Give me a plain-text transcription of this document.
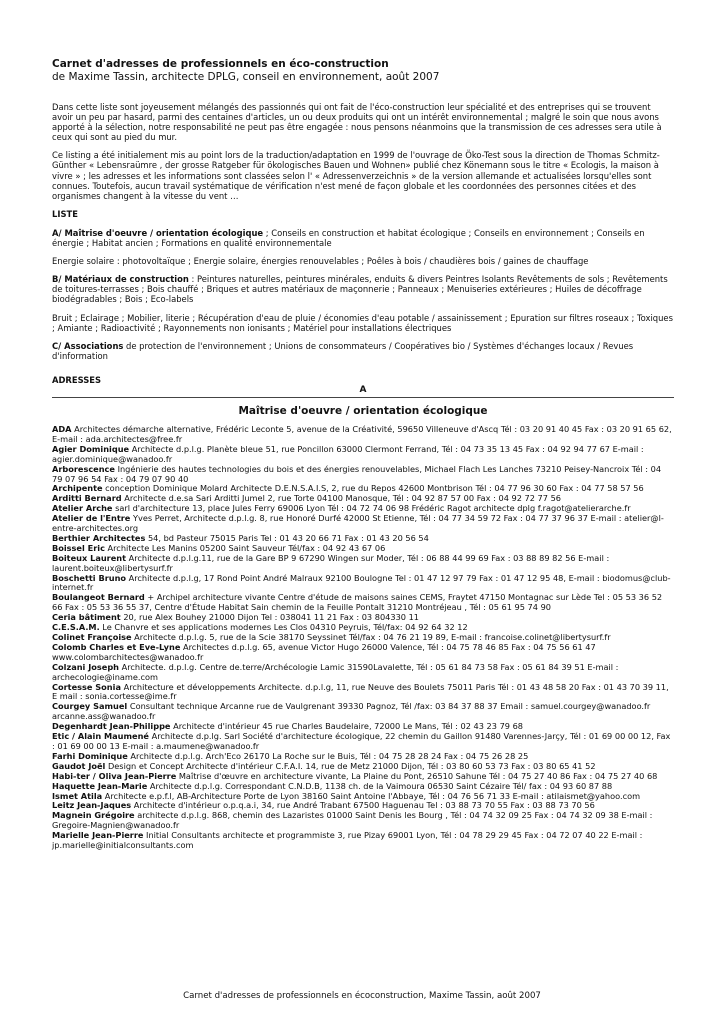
Carnet d'adresses de professionnels en éco-construction
de Maxime Tassin, architecte DPLG, conseil en environnement, août 2007

Dans cette liste sont joyeusement mélangés des passionnés qui ont fait de l'éco-construction leur spécialité et des entreprises qui se trouvent avoir un peu par hasard, parmi des centaines d'articles, un ou deux produits qui ont un intérêt environnemental ; malgré le soin que nous avons apporté à la sélection, notre responsabilité ne peut pas être engagée : nous pensons néanmoins que la transmission de ces adresses sera utile à ceux qui sont au pied du mur.

Ce listing a été initialement mis au point lors de la traduction/adaptation en 1999 de l'ouvrage de Öko-Test sous la direction de Thomas Schmitz-Günther « Lebensraümre , der grosse Ratgeber für ökologisches Bauen und Wohnen» publié chez Könemann sous le titre « Ecologis, la maison à vivre » ; les adresses et les informations sont classées selon l' « Adressenverzeichnis » de la version allemande et actualisées lorsqu'elles sont connues. Toutefois, aucun travail systématique de vérification n'est mené de façon globale et les coordonnées des personnes citées et des organismes changent à la vitesse du vent …

LISTE

A/ Maîtrise d'oeuvre / orientation écologique ; Conseils en construction et habitat écologique ; Conseils en environnement ; Conseils en énergie ; Habitat ancien ; Formations en qualité environnementale

Energie solaire : photovoltaïque ; Energie solaire, énergies renouvelables ; Poêles à bois / chaudières bois / gaines de chauffage

B/ Matériaux de construction : Peintures naturelles, peintures minérales, enduits & divers Peintres Isolants Revêtements de sols ; Revêtements de toitures-terrasses ; Bois chauffé ; Briques et autres matériaux de maçonnerie ; Panneaux ; Menuiseries extérieures ; Huiles de décoffrage biodégradables ; Bois ; Eco-labels

Bruit ; Eclairage ; Mobilier, literie ; Récupération d'eau de pluie / économies d'eau potable / assainissement ; Epuration sur filtres roseaux ; Toxiques ; Amiante ; Radioactivité ; Rayonnements non ionisants ; Matériel pour installations électriques

C/ Associations de protection de l'environnement ; Unions de consommateurs / Coopératives bio / Systèmes d'échanges locaux / Revues d'information

ADRESSES
A
Maîtrise d'oeuvre / orientation écologique

ADA Architectes démarche alternative, Frédéric Leconte 5, avenue de la Créativité, 59650 Villeneuve d'Ascq Tél : 03 20 91 40 45 Fax : 03 20 91 65 62, E-mail : ada.architectes@free.fr

Agier Dominique Architecte d.p.l.g. Planète bleue 51, rue Poncillon 63000 Clermont Ferrand, Tél : 04 73 35 13 45 Fax : 04 92 94 77 67 E-mail : agier.dominique@wanadoo.fr

Arborescence Ingénierie des hautes technologies du bois et des énergies renouvelables, Michael Flach Les Lanches 73210 Peisey-Nancroix Tél : 04 79 07 96 54 Fax : 04 79 07 90 40

Archipente conception Dominique Molard Architecte D.E.N.S.A.I.S, 2, rue du Repos 42600 Montbrison Tél : 04 77 96 30 60 Fax : 04 77 58 57 56

Arditti Bernard Architecte d.e.sa Sari Arditti Jumel 2, rue Torte 04100 Manosque, Tél : 04 92 87 57 00 Fax : 04 92 72 77 56

Atelier Arche sarl d'architecture 13, place Jules Ferry 69006 Lyon Tél : 04 72 74 06 98 Frédéric Ragot architecte dplg f.ragot@atelierarche.fr

Atelier de l'Entre Yves Perret, Architecte d.p.l.g. 8, rue Honoré Durfé 42000 St Etienne, Tél : 04 77 34 59 72 Fax : 04 77 37 96 37 E-mail : atelier@l-entre-architectes.org

Berthier Architectes 54, bd Pasteur 75015 Paris Tel : 01 43 20 66 71 Fax : 01 43 20 56 54

Boissel Eric Architecte Les Manins 05200 Saint Sauveur Tél/fax : 04 92 43 67 06

Boiteux Laurent Architecte d.p.l.g.11, rue de la Gare BP 9 67290 Wingen sur Moder, Tél : 06 88 44 99 69 Fax : 03 88 89 82 56 E-mail : laurent.boiteux@libertysurf.fr

Boschetti Bruno Architecte d.p.l.g, 17 Rond Point André Malraux 92100 Boulogne Tel : 01 47 12 97 79 Fax : 01 47 12 95 48, E-mail : biodomus@club-internet.fr

Boulangeot Bernard + Archipel architecture vivante Centre d'étude de maisons saines CEMS, Fraytet 47150 Montagnac sur Lède Tel : 05 53 36 52 66 Fax : 05 53 36 55 37, Centre d'Étude Habitat Sain chemin de la Feuille Pontalt 31210 Montréjeau , Tél : 05 61 95 74 90

Ceria bâtiment 20, rue Alex Bouhey 21000 Dijon Tel : 038041 11 21 Fax : 03 804330 11

C.E.S.A.M. Le Chanvre et ses applications modernes Les Clos 04310 Peyruis, Tél/fax: 04 92 64 32 12

Colinet Françoise Architecte d.p.l.g. 5, rue de la Scie 38170 Seyssinet Tél/fax : 04 76 21 19 89, E-mail : francoise.colinet@libertysurf.fr

Colomb Charles et Eve-Lyne Architectes d.p.l.g. 65, avenue Victor Hugo 26000 Valence, Tél : 04 75 78 46 85 Fax : 04 75 56 61 47 www.colombarchitectes@wanadoo.fr

Colzani Joseph Architecte. d.p.l.g. Centre de.terre/Archécologie Lamic 31590Lavalette, Tél : 05 61 84 73 58 Fax : 05 61 84 39 51 E-mail : archecologie@iname.com

Cortesse Sonia Architecture et développements Architecte. d.p.l.g, 11, rue Neuve des Boulets 75011 Paris Tél : 01 43 48 58 20 Fax : 01 43 70 39 11, E mail : sonia.cortesse@ime.fr

Courgey Samuel Consultant technique Arcanne rue de Vaulgrenant 39330 Pagnoz, Tél /fax: 03 84 37 88 37 Email : samuel.courgey@wanadoo.fr arcanne.ass@wanadoo.fr

Degenhardt Jean-Philippe Architecte d'intérieur 45 rue Charles Baudelaire, 72000 Le Mans, Tél : 02 43 23 79 68

Etic / Alain Maumené Architecte d.p.lg. Sarl Société d'architecture écologique, 22 chemin du Gaillon 91480 Varennes-Jarçy, Tél : 01 69 00 00 12, Fax : 01 69 00 00 13 E-mail : a.maumene@wanadoo.fr

Farhi Dominique Architecte d.p.l.g. Arch'Eco 26170 La Roche sur le Buis, Tél : 04 75 28 28 24 Fax : 04 75 26 28 25

Gaudot Joël Design et Concept Architecte d'intérieur C.F.A.I. 14, rue de Metz 21000 Dijon, Tél : 03 80 60 53 73 Fax : 03 80 65 41 52

Habi-ter / Oliva Jean-Pierre Maîtrise d'œuvre en architecture vivante, La Plaine du Pont, 26510 Sahune Tél : 04 75 27 40 86 Fax : 04 75 27 40 68

Haquette Jean-Marie Architecte d.p.l.g. Correspondant C.N.D.B, 1138 ch. de la Vaimoura 06530 Saint Cézaire Tél/ fax : 04 93 60 87 88

Ismet Atila Architecte e.p.f.l, AB-Architecture Porte de Lyon 38160 Saint Antoine l'Abbaye, Tél : 04 76 56 71 33 E-mail : atilaismet@yahoo.com

Leitz Jean-Jaques Architecte d'intérieur o.p.q.a.i, 34, rue André Trabant 67500 Haguenau Tel : 03 88 73 70 55 Fax : 03 88 73 70 56

Magnein Grégoire architecte d.p.l.g. 868, chemin des Lazaristes 01000 Saint Denis les Bourg , Tél : 04 74 32 09 25 Fax : 04 74 32 09 38 E-mail : Gregoire-Magnien@wanadoo.fr

Marielle Jean-Pierre Initial Consultants architecte et programmiste 3, rue Pizay 69001 Lyon, Tél : 04 78 29 29 45 Fax : 04 72 07 40 22 E-mail : jp.marielle@initialconsultants.com

Carnet d'adresses de professionnels en écoconstruction, Maxime Tassin, août 2007
